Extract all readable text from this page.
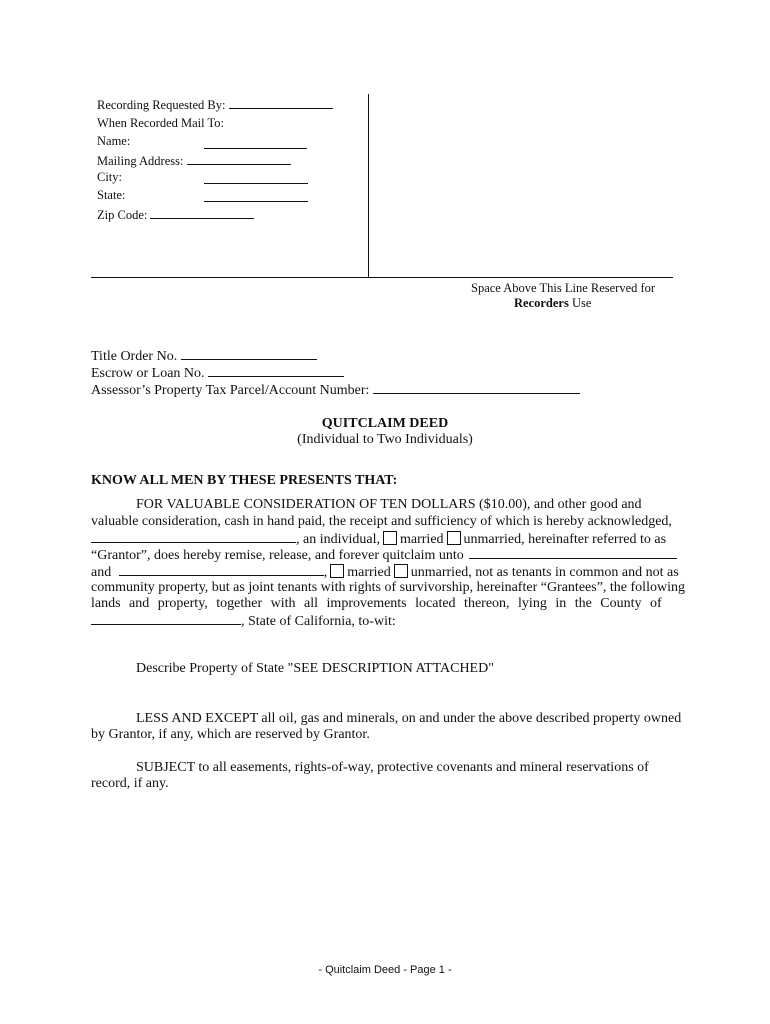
Recording Requested By:
When Recorded Mail To:
Name:
Mailing Address:
City:
State:
Zip Code:
Space Above This Line Reserved for
Recorders Use
Title Order No.
Escrow or Loan No.
Assessor’s Property Tax Parcel/Account Number:
QUITCLAIM DEED
(Individual to Two Individuals)
KNOW ALL MEN BY THESE PRESENTS THAT:
FOR VALUABLE CONSIDERATION OF TEN DOLLARS ($10.00), and other good and
valuable consideration, cash in hand paid, the receipt and sufficiency of which is hereby acknowledged,
, an individual, married unmarried, hereinafter referred to as
“Grantor”, does hereby remise, release, and forever quitclaim unto
and	, married unmarried, not as tenants in common and not as
community property, but as joint tenants with rights of survivorship, hereinafter “Grantees”, the following
lands and property, together with all improvements located thereon, lying in the County of
, State of California, to-wit:
Describe Property of State "SEE DESCRIPTION ATTACHED"
LESS AND EXCEPT all oil, gas and minerals, on and under the above described property owned
by Grantor, if any, which are reserved by Grantor.
SUBJECT to all easements, rights-of-way, protective covenants and mineral reservations of
record, if any.
- Quitclaim Deed - Page 1 -
